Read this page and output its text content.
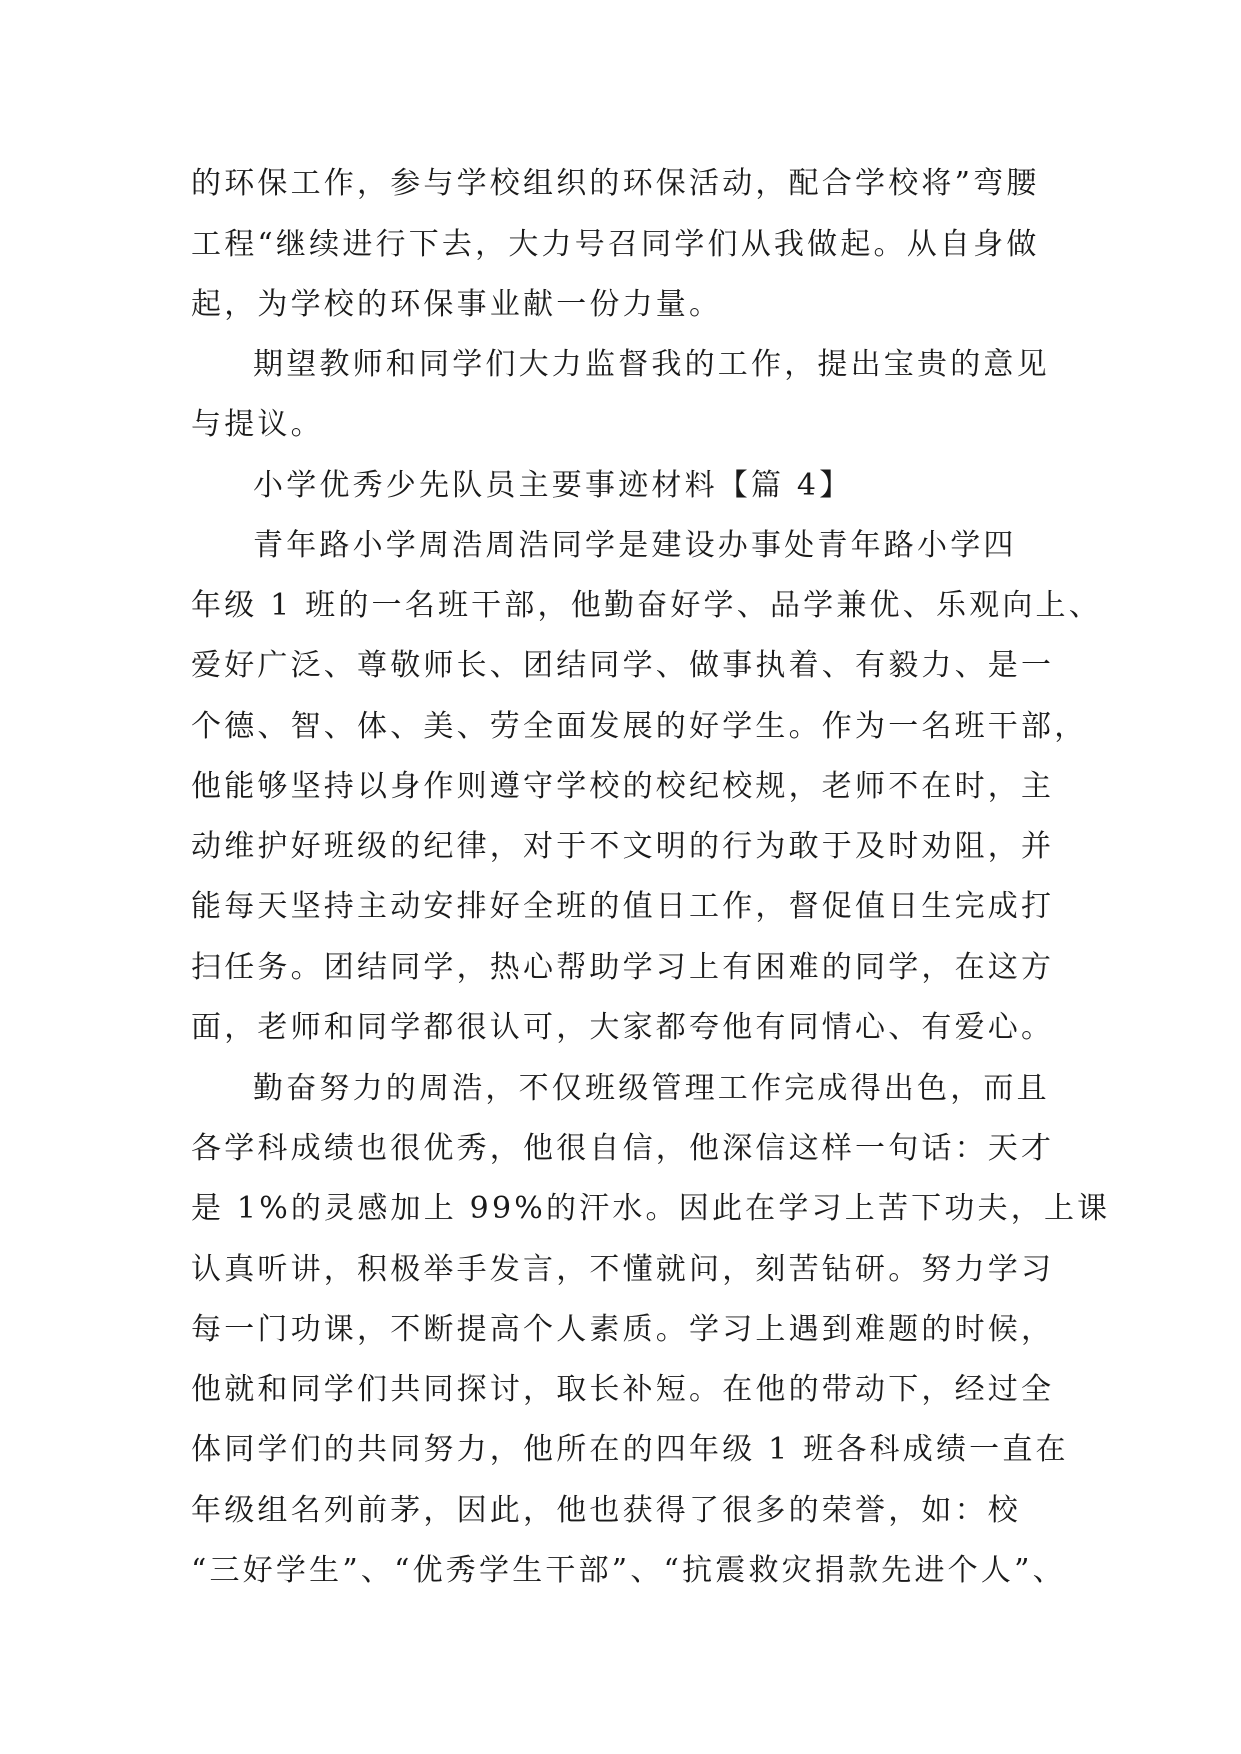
的环保工作，参与学校组织的环保活动，配合学校将”弯腰
工程“继续进行下去，大力号召同学们从我做起。从自身做
起，为学校的环保事业献一份力量。
期望教师和同学们大力监督我的工作，提出宝贵的意见
与提议。
小学优秀少先队员主要事迹材料【篇 4】
青年路小学周浩周浩同学是建设办事处青年路小学四
年级 1 班的一名班干部，他勤奋好学、品学兼优、乐观向上、
爱好广泛、尊敬师长、团结同学、做事执着、有毅力、是一
个德、智、体、美、劳全面发展的好学生。作为一名班干部，
他能够坚持以身作则遵守学校的校纪校规，老师不在时，主
动维护好班级的纪律，对于不文明的行为敢于及时劝阻，并
能每天坚持主动安排好全班的值日工作，督促值日生完成打
扫任务。团结同学，热心帮助学习上有困难的同学，在这方
面，老师和同学都很认可，大家都夸他有同情心、有爱心。
勤奋努力的周浩，不仅班级管理工作完成得出色，而且
各学科成绩也很优秀，他很自信，他深信这样一句话：天才
是 1%的灵感加上 99%的汗水。因此在学习上苦下功夫，上课
认真听讲，积极举手发言，不懂就问，刻苦钻研。努力学习
每一门功课，不断提高个人素质。学习上遇到难题的时候，
他就和同学们共同探讨，取长补短。在他的带动下，经过全
体同学们的共同努力，他所在的四年级 1 班各科成绩一直在
年级组名列前茅，因此，他也获得了很多的荣誉，如：校
“三好学生”、“优秀学生干部”、“抗震救灾捐款先进个人”、
